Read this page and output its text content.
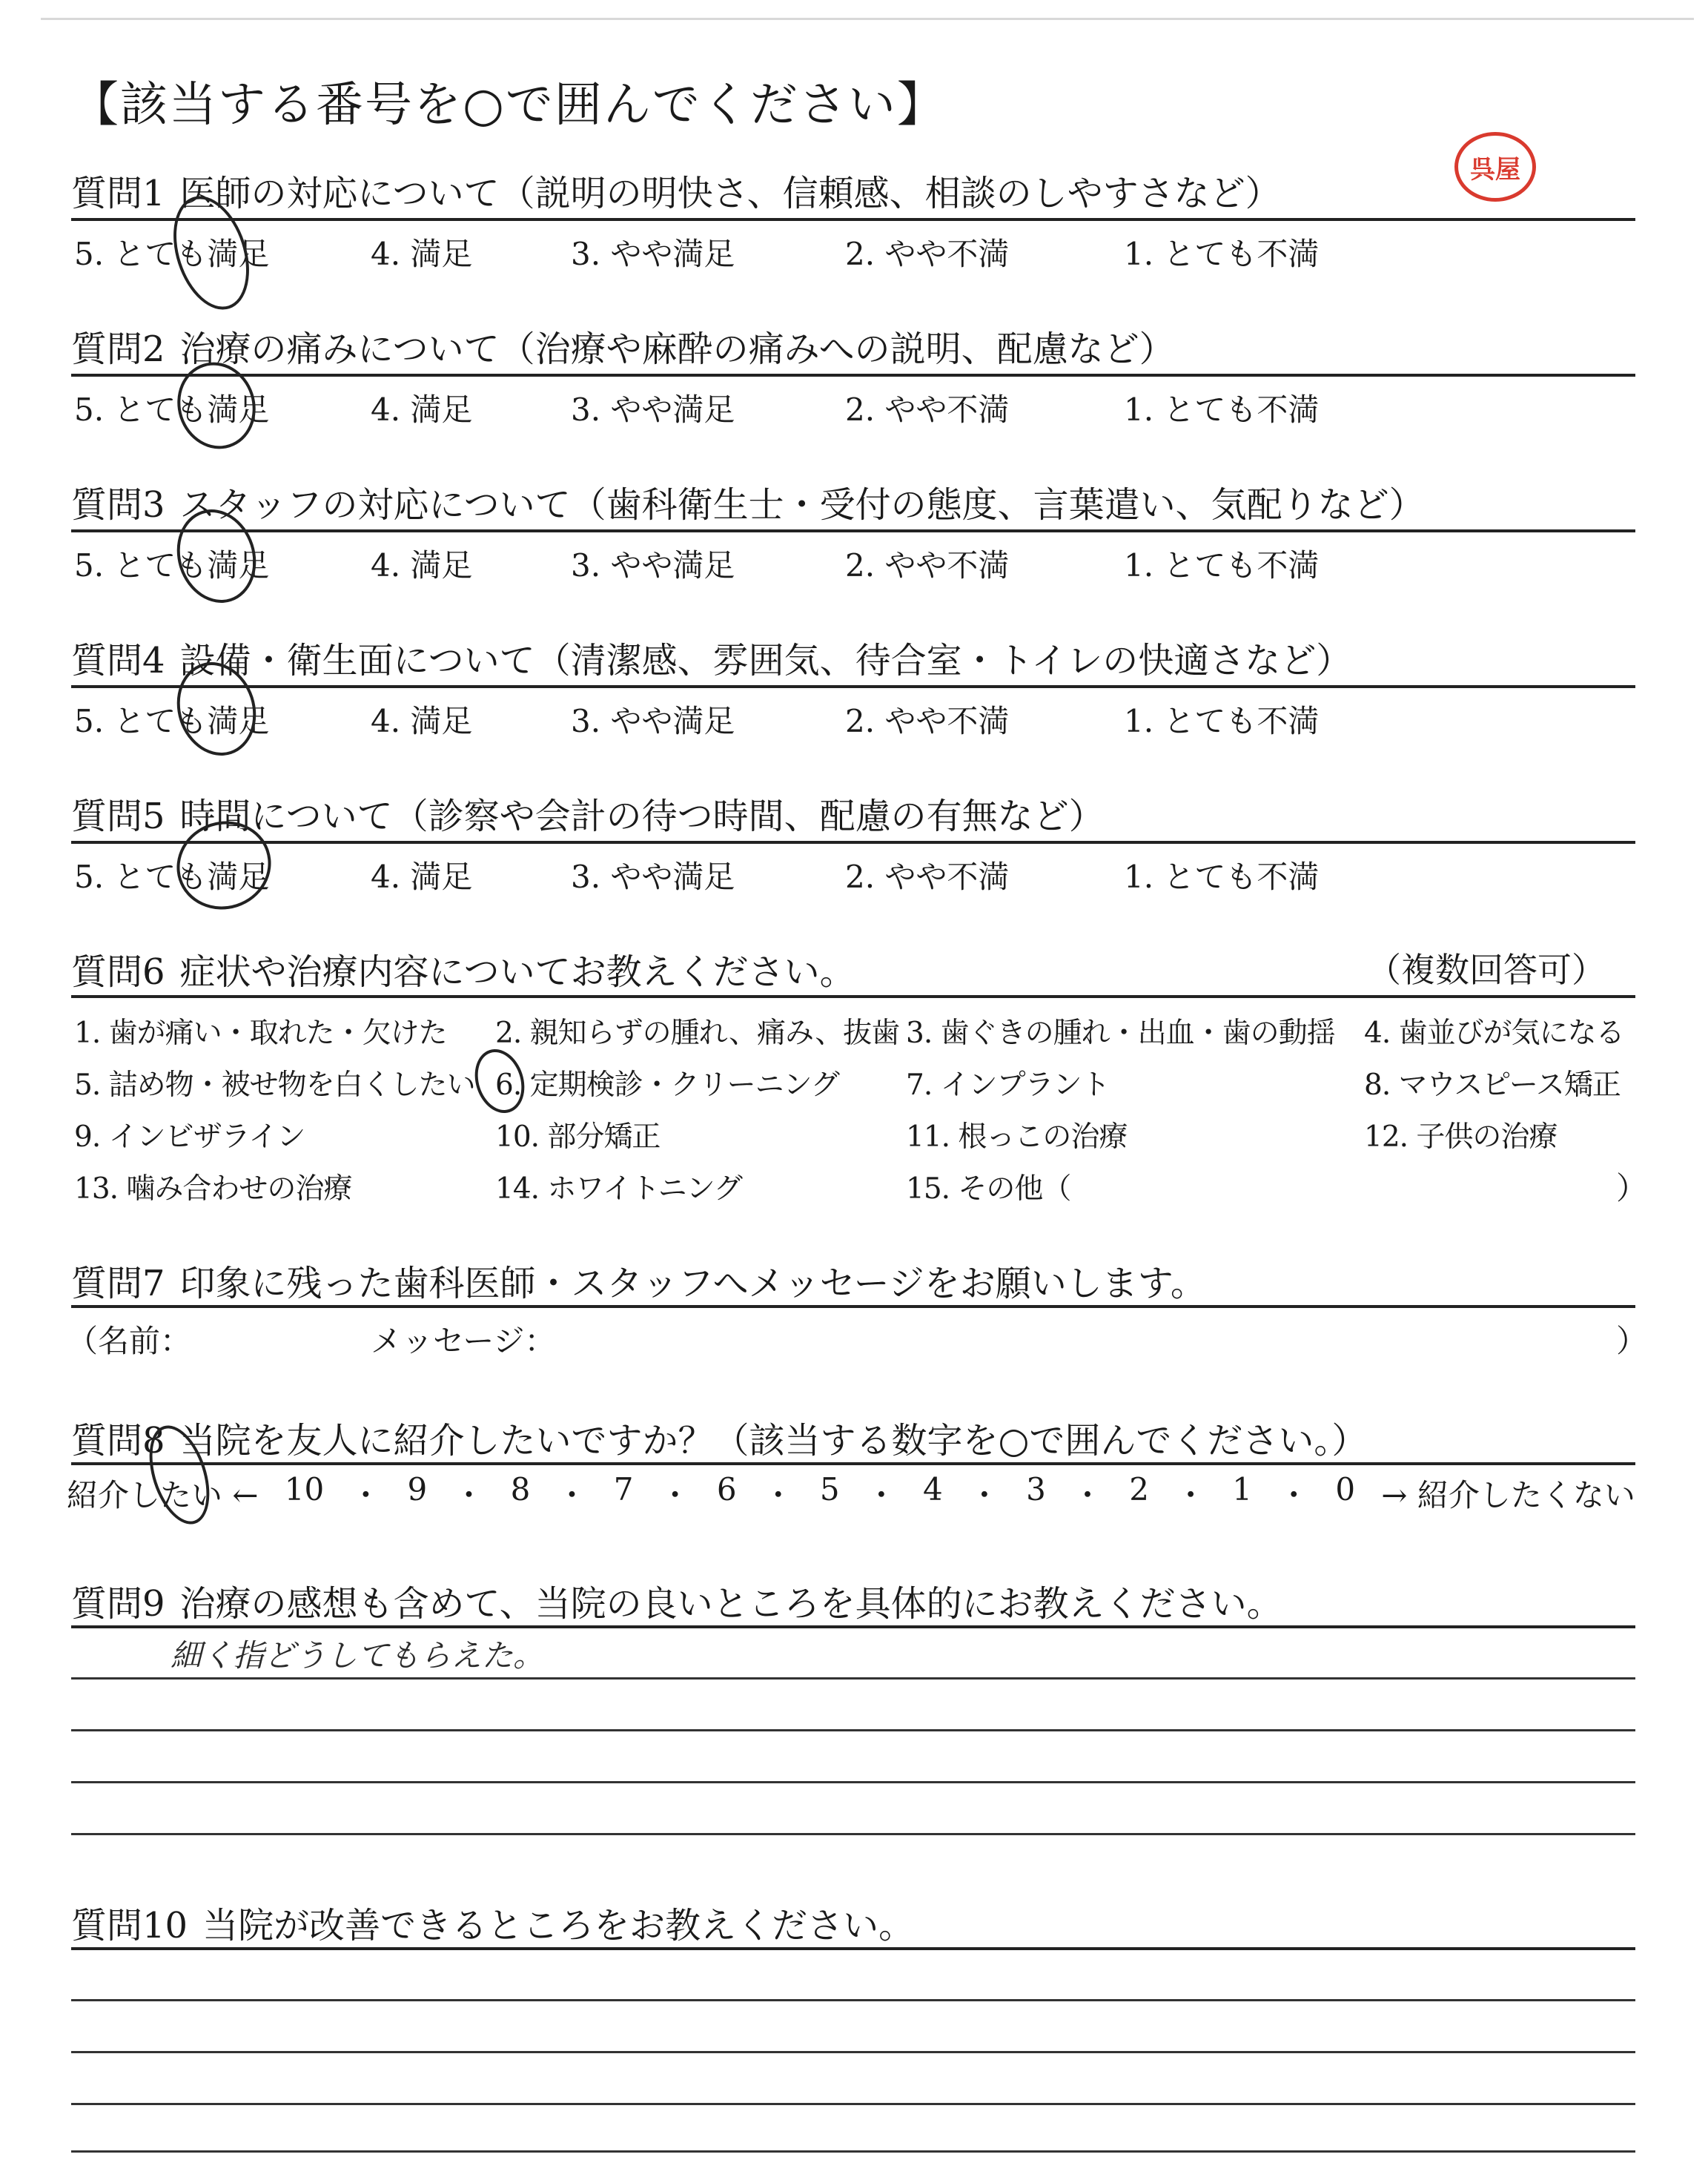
【該当する番号を○で囲んでください】
呉屋
質問1 医師の対応について（説明の明快さ、信頼感、相談のしやすさなど）
5. とても満足	4. 満足	3. やや満足	2. やや不満	1. とても不満
質問2 治療の痛みについて（治療や麻酔の痛みへの説明、配慮など）
5. とても満足	4. 満足	3. やや満足	2. やや不満	1. とても不満
質問3 スタッフの対応について（歯科衛生士・受付の態度、言葉遣い、気配りなど）
5. とても満足	4. 満足	3. やや満足	2. やや不満	1. とても不満
質問4 設備・衛生面について（清潔感、雰囲気、待合室・トイレの快適さなど）
5. とても満足	4. 満足	3. やや満足	2. やや不満	1. とても不満
質問5 時間について（診察や会計の待つ時間、配慮の有無など）
5. とても満足	4. 満足	3. やや満足	2. やや不満	1. とても不満
質問6 症状や治療内容についてお教えください。	（複数回答可）
1. 歯が痛い・取れた・欠けた 2. 親知らずの腫れ、痛み、抜歯 3. 歯ぐきの腫れ・出血・歯の動揺 4. 歯並びが気になる
5. 詰め物・被せ物を白くしたい 6. 定期検診・クリーニング 7. インプラント	8. マウスピース矯正
9. インビザライン	10. 部分矯正	11. 根っこの治療	12. 子供の治療
13. 噛み合わせの治療	14. ホワイトニング	15. その他（	）
質問7 印象に残った歯科医師・スタッフへメッセージをお願いします。
（名前：	メッセージ：	）
質問8 当院を友人に紹介したいですか？（該当する数字を○で囲んでください。）
紹介したい ← 10 ・ 9 ・ 8 ・ 7 ・ 6 ・ 5 ・ 4 ・ 3 ・ 2 ・ 1 ・ 0 → 紹介したくない
質問9 治療の感想も含めて、当院の良いところを具体的にお教えください。
細く指どうしてもらえた。
質問10 当院が改善できるところをお教えください。
